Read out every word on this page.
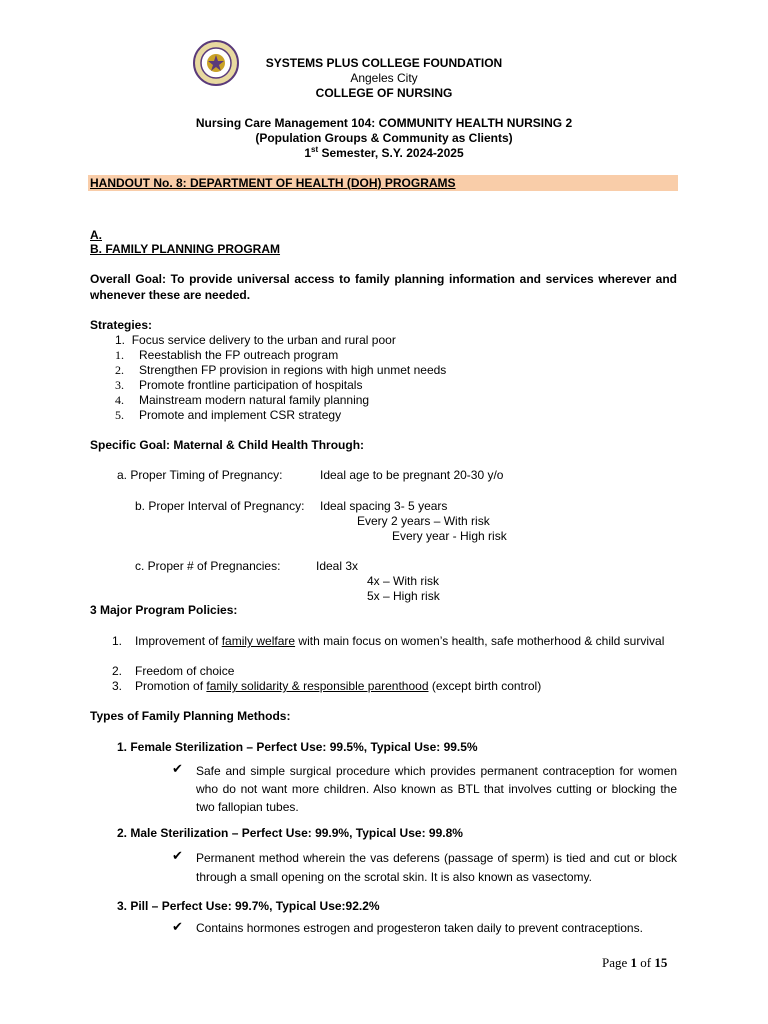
SYSTEMS PLUS COLLEGE FOUNDATION
Angeles City
COLLEGE OF NURSING
Nursing Care Management 104: COMMUNITY HEALTH NURSING 2
(Population Groups & Community as Clients)
1st Semester, S.Y. 2024-2025
HANDOUT No. 8: DEPARTMENT OF HEALTH (DOH) PROGRAMS
A.
B. FAMILY PLANNING PROGRAM
Overall Goal: To provide universal access to family planning information and services wherever and whenever these are needed.
Strategies:
1. Focus service delivery to the urban and rural poor
1. Reestablish the FP outreach program
2. Strengthen FP provision in regions with high unmet needs
3. Promote frontline participation of hospitals
4. Mainstream modern natural family planning
5. Promote and implement CSR strategy
Specific Goal: Maternal & Child Health Through:
a. Proper Timing of Pregnancy:	Ideal age to be pregnant 20-30 y/o
b. Proper Interval of Pregnancy: Ideal spacing 3- 5 years
Every 2 years – With risk
Every year - High risk
c. Proper # of Pregnancies:	Ideal 3x
4x – With risk
5x – High risk
3 Major Program Policies:
1. Improvement of family welfare with main focus on women’s health, safe motherhood & child survival
2. Freedom of choice
3. Promotion of family solidarity & responsible parenthood (except birth control)
Types of Family Planning Methods:
1. Female Sterilization – Perfect Use: 99.5%, Typical Use: 99.5%
✔ Safe and simple surgical procedure which provides permanent contraception for women who do not want more children. Also known as BTL that involves cutting or blocking the two fallopian tubes.
2. Male Sterilization – Perfect Use: 99.9%, Typical Use: 99.8%
✔ Permanent method wherein the vas deferens (passage of sperm) is tied and cut or block through a small opening on the scrotal skin. It is also known as vasectomy.
3. Pill – Perfect Use: 99.7%, Typical Use:92.2%
✔ Contains hormones estrogen and progesteron taken daily to prevent contraceptions.
Page 1 of 15
